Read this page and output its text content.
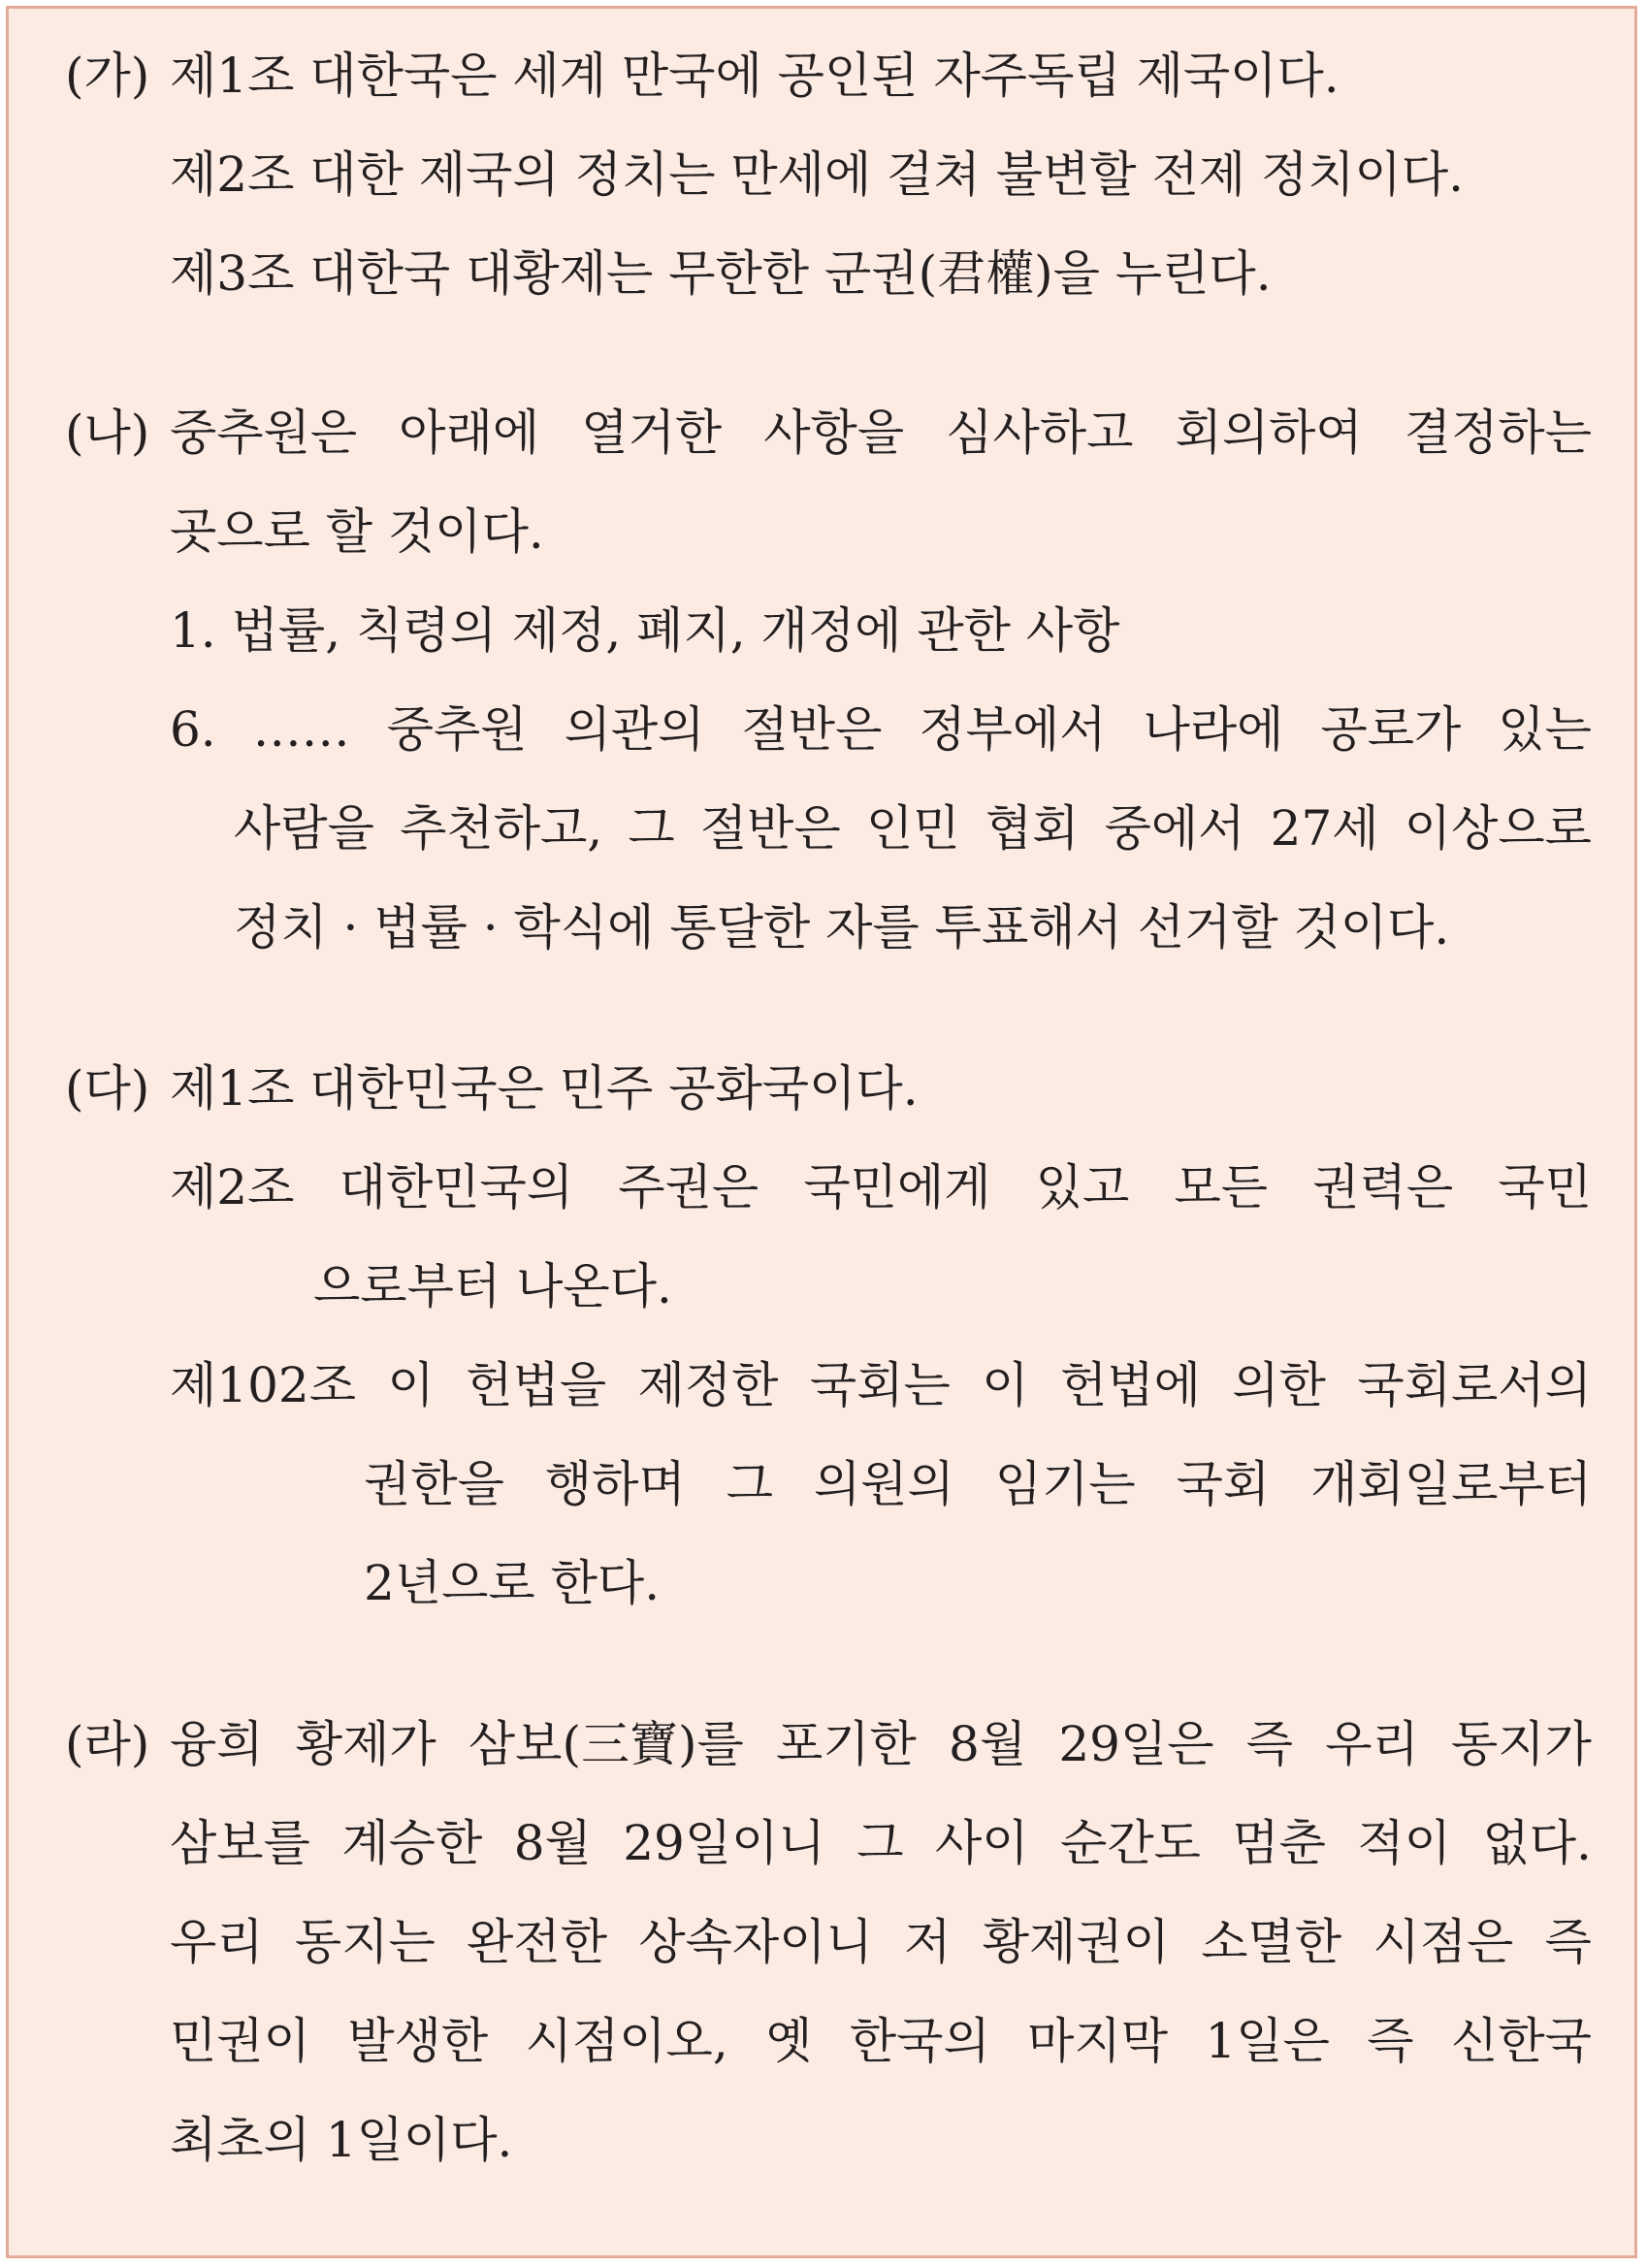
(가) 제1조 대한국은 세계 만국에 공인된 자주독립 제국이다.
제2조 대한 제국의 정치는 만세에 걸쳐 불변할 전제 정치이다.
제3조 대한국 대황제는 무한한 군권(君權)을 누린다.
(나) 중추원은 아래에 열거한 사항을 심사하고 회의하여 결정하는
곳으로 할 것이다.
1. 법률, 칙령의 제정, 폐지, 개정에 관한 사항
6. …… 중추원 의관의 절반은 정부에서 나라에 공로가 있는
사람을 추천하고, 그 절반은 인민 협회 중에서 27세 이상으로
정치 · 법률 · 학식에 통달한 자를 투표해서 선거할 것이다.
(다) 제1조 대한민국은 민주 공화국이다.
제2조 대한민국의 주권은 국민에게 있고 모든 권력은 국민
으로부터 나온다.
제102조 이 헌법을 제정한 국회는 이 헌법에 의한 국회로서의
권한을 행하며 그 의원의 임기는 국회 개회일로부터
2년으로 한다.
(라) 융희 황제가 삼보(三寶)를 포기한 8월 29일은 즉 우리 동지가
삼보를 계승한 8월 29일이니 그 사이 순간도 멈춘 적이 없다.
우리 동지는 완전한 상속자이니 저 황제권이 소멸한 시점은 즉
민권이 발생한 시점이오, 옛 한국의 마지막 1일은 즉 신한국
최초의 1일이다.
